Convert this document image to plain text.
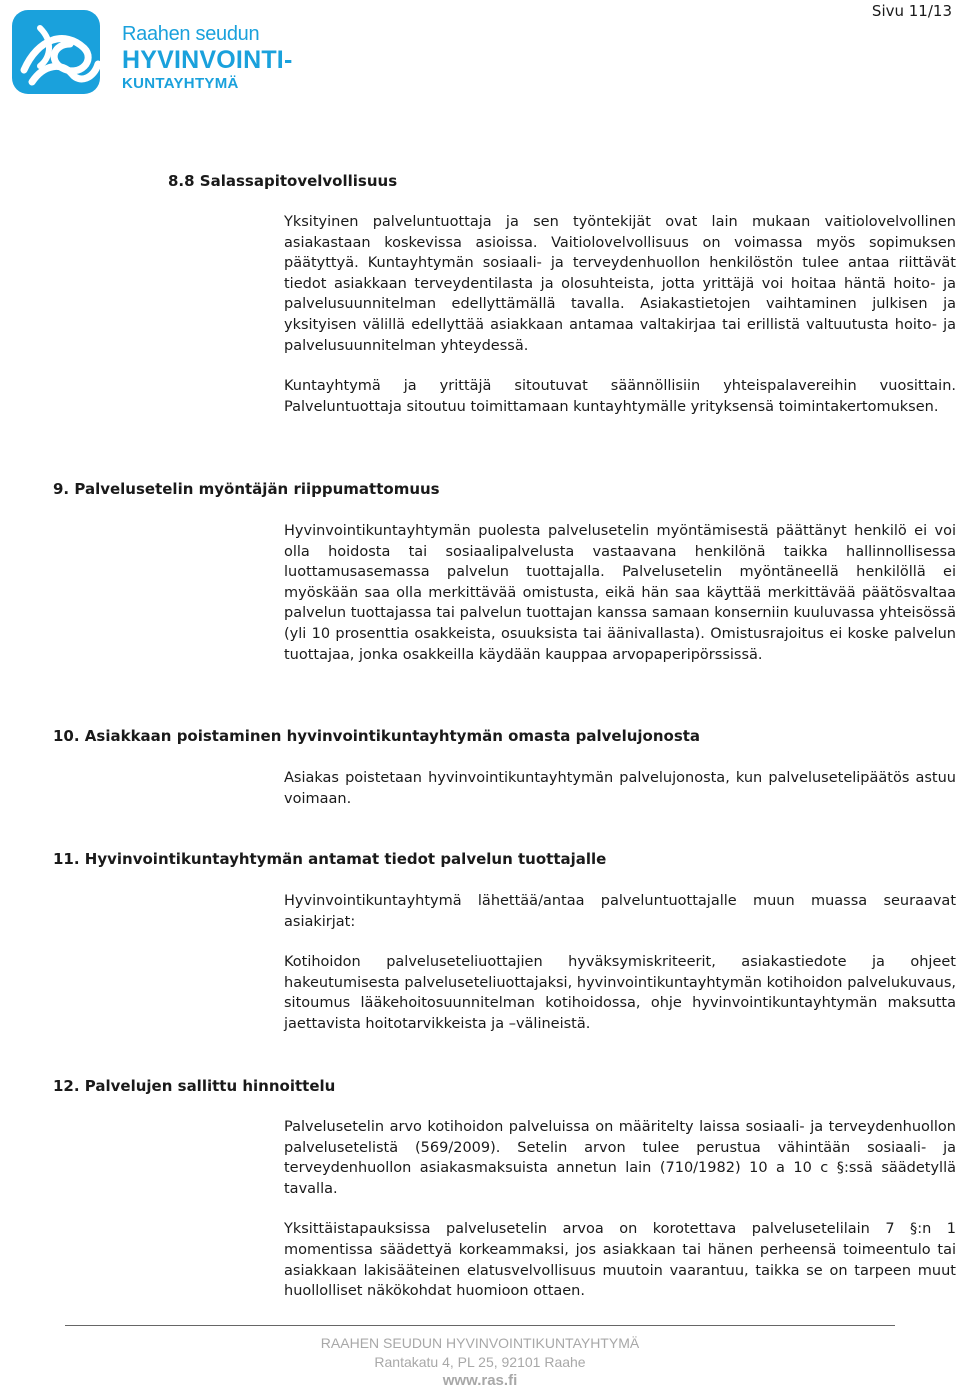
Raahen seudun
HYVINVOINTI-
KUNTAYHTYMÄ
Sivu 11/13
8.8 Salassapitovelvollisuus

Yksityinen palveluntuottaja ja sen työntekijät ovat lain mukaan vaitiolovelvollinen asiakastaan koskevissa asioissa. Vaitiolovelvollisuus on voimassa myös sopimuksen päätyttyä. Kuntayhtymän sosiaali- ja terveydenhuollon henkilöstön tulee antaa riittävät tiedot asiakkaan terveydentilasta ja olosuhteista, jotta yrittäjä voi hoitaa häntä hoito- ja palvelusuunnitelman edellyttämällä tavalla. Asiakastietojen vaihtaminen julkisen ja yksityisen välillä edellyttää asiakkaan antamaa valtakirjaa tai erillistä valtuutusta hoito- ja palvelusuunnitelman yhteydessä.

Kuntayhtymä ja yrittäjä sitoutuvat säännöllisiin yhteispalavereihin vuosittain. Palveluntuottaja sitoutuu toimittamaan kuntayhtymälle yrityksensä toimintakertomuksen.

9. Palvelusetelin myöntäjän riippumattomuus

Hyvinvointikuntayhtymän puolesta palvelusetelin myöntämisestä päättänyt henkilö ei voi olla hoidosta tai sosiaalipalvelusta vastaavana henkilönä taikka hallinnollisessa luottamusasemassa palvelun tuottajalla. Palvelusetelin myöntäneellä henkilöllä ei myöskään saa olla merkittävää omistusta, eikä hän saa käyttää merkittävää päätösvaltaa palvelun tuottajassa tai palvelun tuottajan kanssa samaan konserniin kuuluvassa yhteisössä (yli 10 prosenttia osakkeista, osuuksista tai äänivallasta). Omistusrajoitus ei koske palvelun tuottajaa, jonka osakkeilla käydään kauppaa arvopaperipörssissä.

10. Asiakkaan poistaminen hyvinvointikuntayhtymän omasta palvelujonosta

Asiakas poistetaan hyvinvointikuntayhtymän palvelujonosta, kun palvelusetelipäätös astuu voimaan.

11. Hyvinvointikuntayhtymän antamat tiedot palvelun tuottajalle

Hyvinvointikuntayhtymä lähettää/antaa palveluntuottajalle muun muassa seuraavat asiakirjat:

Kotihoidon palveluseteliuottajien hyväksymiskriteerit, asiakastiedote ja ohjeet hakeutumisesta palveluseteliuottajaksi, hyvinvointikuntayhtymän kotihoidon palvelukuvaus, sitoumus lääkehoitosuunnitelman kotihoidossa, ohje hyvinvointikuntayhtymän maksutta jaettavista hoitotarvikkeista ja –välineistä.

12. Palvelujen sallittu hinnoittelu

Palvelusetelin arvo kotihoidon palveluissa on määritelty laissa sosiaali- ja terveydenhuollon palvelusetelistä (569/2009). Setelin arvon tulee perustua vähintään sosiaali- ja terveydenhuollon asiakasmaksuista annetun lain (710/1982) 10 a 10 c §:ssä säädetyllä tavalla.

Yksittäistapauksissa palvelusetelin arvoa on korotettava palvelusetelilain 7 §:n 1 momentissa säädettyä korkeammaksi, jos asiakkaan tai hänen perheensä toimeentulo tai asiakkaan lakisääteinen elatusvelvollisuus muutoin vaarantuu, taikka se on tarpeen muut huollolliset näkökohdat huomioon ottaen.

RAAHEN SEUDUN HYVINVOINTIKUNTAYHTYMÄ
Rantakatu 4, PL 25, 92101 Raahe
www.ras.fi
